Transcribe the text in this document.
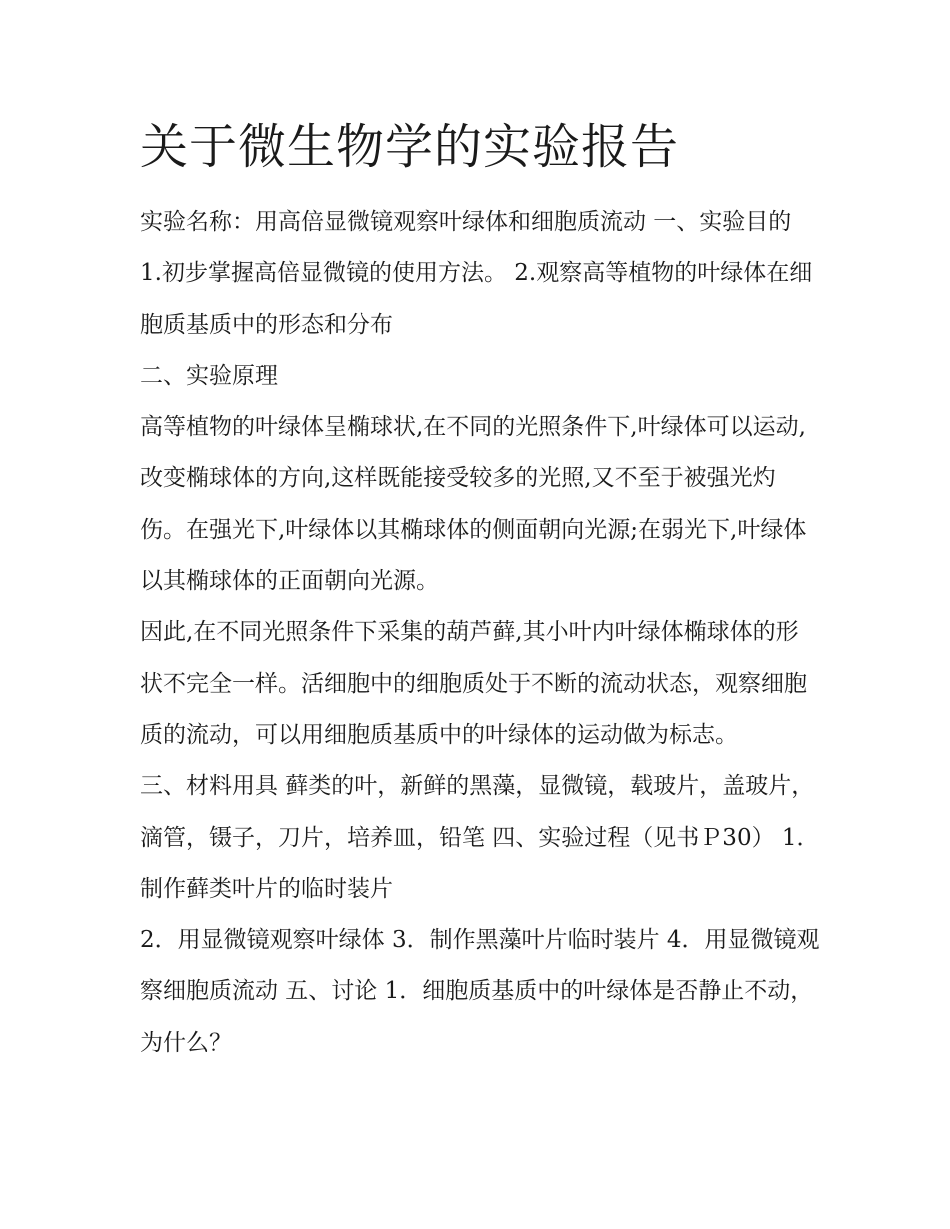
关于微生物学的实验报告

实验名称：用高倍显微镜观察叶绿体和细胞质流动 一、实验目的 1.初步掌握高倍显微镜的使用方法。 2.观察高等植物的叶绿体在细胞质基质中的形态和分布

二、实验原理

高等植物的叶绿体呈椭球状,在不同的光照条件下,叶绿体可以运动,改变椭球体的方向,这样既能接受较多的光照,又不至于被强光灼伤。在强光下,叶绿体以其椭球体的侧面朝向光源;在弱光下,叶绿体以其椭球体的正面朝向光源。

因此,在不同光照条件下采集的葫芦藓,其小叶内叶绿体椭球体的形状不完全一样。活细胞中的细胞质处于不断的流动状态，观察细胞质的流动，可以用细胞质基质中的叶绿体的运动做为标志。

三、材料用具 藓类的叶，新鲜的黑藻，显微镜，载玻片，盖玻片，滴管，镊子，刀片，培养皿，铅笔 四、实验过程（见书Ｐ30） 1．制作藓类叶片的临时装片

2．用显微镜观察叶绿体 3．制作黑藻叶片临时装片 4．用显微镜观察细胞质流动 五、讨论 1．细胞质基质中的叶绿体是否静止不动，为什么？
